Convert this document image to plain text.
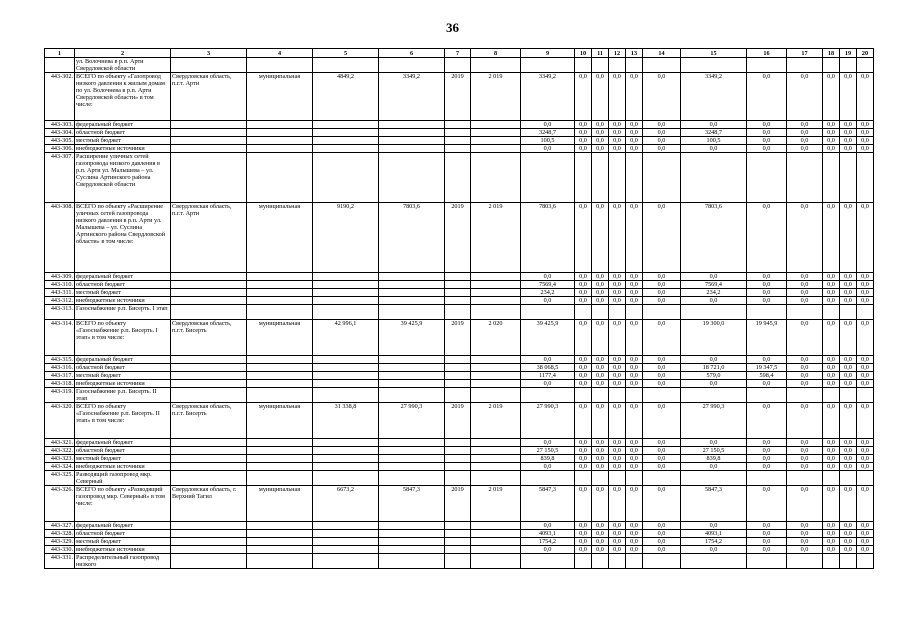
36
1	2	3	4	5	6	7	8	9	10	11	12	13	14	15	16	17	18	19	20
	ул. Волочнева в р.п. Арти Свердловской области																		
443-302.	ВСЕГО по объекту «Газопровод низкого давления к жилым домам по ул. Волочнева в р.п. Арти Свердловской области» в том числе:	Свердловская область, п.г.т. Арти	муниципальная	4849,2	3349,2	2019	2 019	3349,2	0,0	0,0	0,0	0,0	0,0	3349,2	0,0	0,0	0,0	0,0	0,0
443-303.	федеральный бюджет							0,0	0,0	0,0	0,0	0,0	0,0	0,0	0,0	0,0	0,0	0,0	0,0
443-304.	областной бюджет							3248,7	0,0	0,0	0,0	0,0	0,0	3248,7	0,0	0,0	0,0	0,0	0,0
443-305.	местный бюджет							100,5	0,0	0,0	0,0	0,0	0,0	100,5	0,0	0,0	0,0	0,0	0,0
443-306.	внебюджетные источники							0,0	0,0	0,0	0,0	0,0	0,0	0,0	0,0	0,0	0,0	0,0	0,0
443-307.	Расширение уличных сетей газопровода низкого давления в р.п. Арти ул. Малышева – ул. Суслина Артинского района Свердловской области																		
443-308.	ВСЕГО по объекту «Расширение уличных сетей газопровода низкого давления в р.п. Арти ул. Малышева – ул. Суслина Артинского района Свердловской области» в том числе:	Свердловская область, п.г.т. Арти	муниципальная	9190,2	7803,6	2019	2 019	7803,6	0,0	0,0	0,0	0,0	0,0	7803,6	0,0	0,0	0,0	0,0	0,0
443-309.	федеральный бюджет							0,0	0,0	0,0	0,0	0,0	0,0	0,0	0,0	0,0	0,0	0,0	0,0
443-310.	областной бюджет							7569,4	0,0	0,0	0,0	0,0	0,0	7569,4	0,0	0,0	0,0	0,0	0,0
443-311.	местный бюджет							234,2	0,0	0,0	0,0	0,0	0,0	234,2	0,0	0,0	0,0	0,0	0,0
443-312.	внебюджетные источники							0,0	0,0	0,0	0,0	0,0	0,0	0,0	0,0	0,0	0,0	0,0	0,0
443-313.	Газоснабжение р.п. Бисерть. I этап																		
443-314.	ВСЕГО по объекту «Газоснабжение р.п. Бисерть. I этап» в том числе:	Свердловская область, п.г.т. Бисерть	муниципальная	42 996,1	39 425,9	2019	2 020	39 425,9	0,0	0,0	0,0	0,0	0,0	19 300,0	19 945,9	0,0	0,0	0,0	0,0
443-315.	федеральный бюджет							0,0	0,0	0,0	0,0	0,0	0,0	0,0	0,0	0,0	0,0	0,0	0,0
443-316.	областной бюджет							38 068,5	0,0	0,0	0,0	0,0	0,0	18 721,0	19 347,5	0,0	0,0	0,0	0,0
443-317.	местный бюджет							1177,4	0,0	0,0	0,0	0,0	0,0	579,0	598,4	0,0	0,0	0,0	0,0
443-318.	внебюджетные источники							0,0	0,0	0,0	0,0	0,0	0,0	0,0	0,0	0,0	0,0	0,0	0,0
443-319.	Газоснабжение р.п. Бисерть. II этап																		
443-320.	ВСЕГО по объекту «Газоснабжение р.п. Бисерть. II этап» в том числе:	Свердловская область, п.г.т. Бисерть	муниципальная	31 338,8	27 990,3	2019	2 019	27 990,3	0,0	0,0	0,0	0,0	0,0	27 990,3	0,0	0,0	0,0	0,0	0,0
443-321.	федеральный бюджет							0,0	0,0	0,0	0,0	0,0	0,0	0,0	0,0	0,0	0,0	0,0	0,0
443-322.	областной бюджет							27 150,5	0,0	0,0	0,0	0,0	0,0	27 150,5	0,0	0,0	0,0	0,0	0,0
443-323.	местный бюджет							839,8	0,0	0,0	0,0	0,0	0,0	839,8	0,0	0,0	0,0	0,0	0,0
443-324.	внебюджетные источники							0,0	0,0	0,0	0,0	0,0	0,0	0,0	0,0	0,0	0,0	0,0	0,0
443-325.	Разводящий газопровод мкр. Северный																		
443-326.	ВСЕГО по объекту «Разводящий газопровод мкр. Северный» в том числе:	Свердловская область, г. Верхний Тагил	муниципальная	6673,2	5847,3	2019	2 019	5847,3	0,0	0,0	0,0	0,0	0,0	5847,3	0,0	0,0	0,0	0,0	0,0
443-327.	федеральный бюджет							0,0	0,0	0,0	0,0	0,0	0,0	0,0	0,0	0,0	0,0	0,0	0,0
443-328.	областной бюджет							4093,1	0,0	0,0	0,0	0,0	0,0	4093,1	0,0	0,0	0,0	0,0	0,0
443-329.	местный бюджет							1754,2	0,0	0,0	0,0	0,0	0,0	1754,2	0,0	0,0	0,0	0,0	0,0
443-330.	внебюджетные источники							0,0	0,0	0,0	0,0	0,0	0,0	0,0	0,0	0,0	0,0	0,0	0,0
443-331.	Распределительный газопровод низкого																		
